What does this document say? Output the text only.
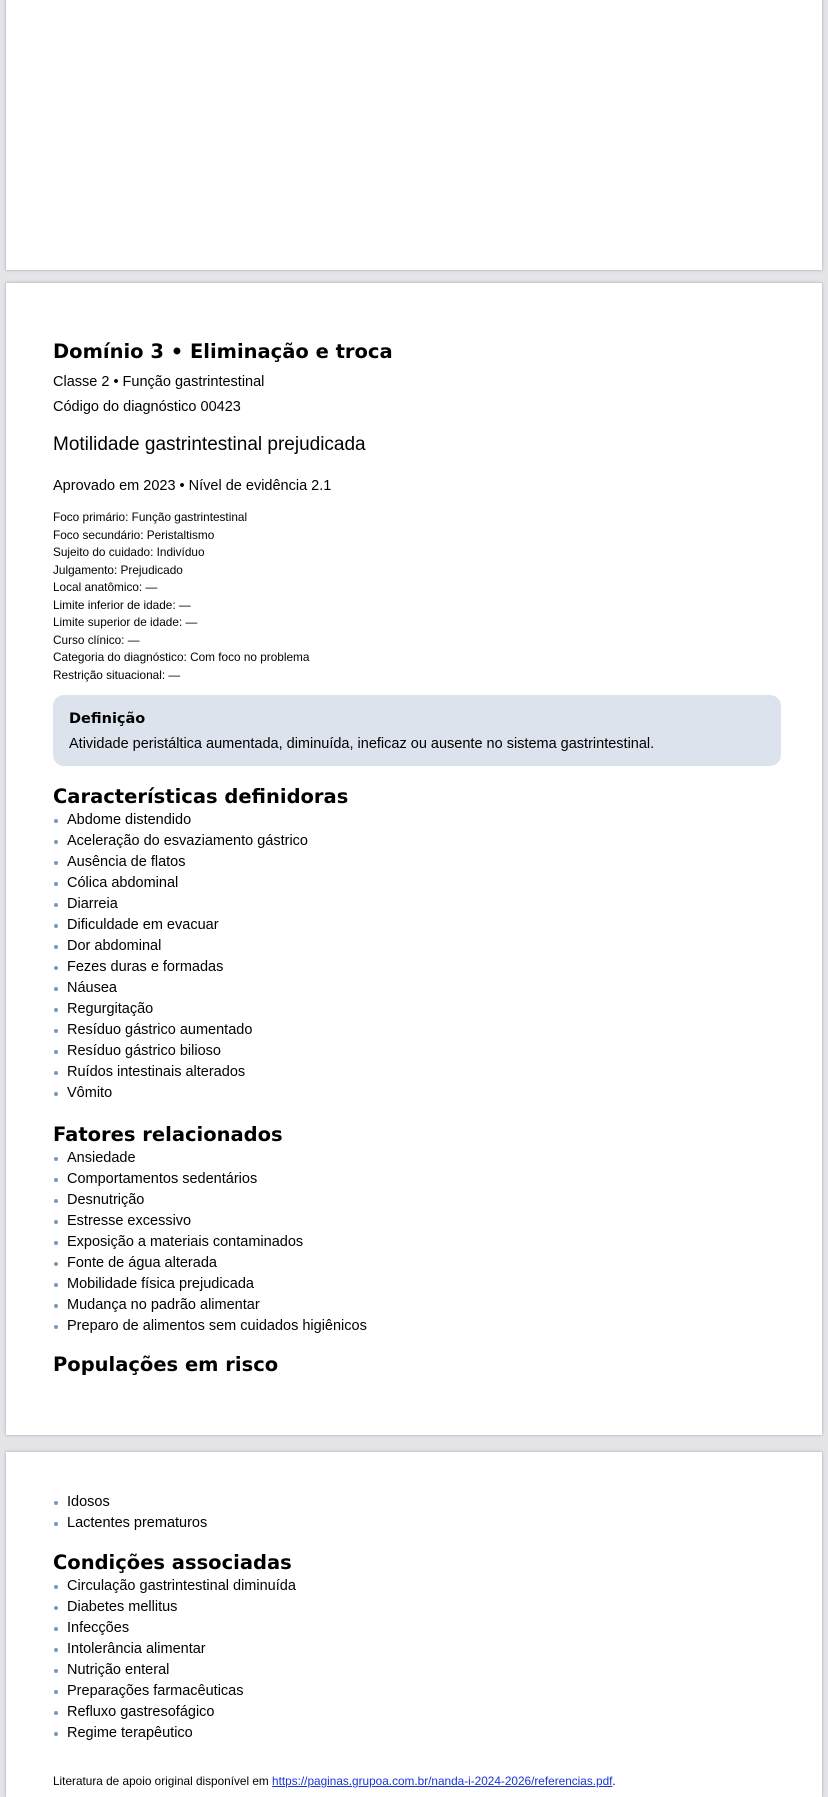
Domínio 3 • Eliminação e troca
Classe 2 • Função gastrintestinal
Código do diagnóstico 00423
Motilidade gastrintestinal prejudicada
Aprovado em 2023 • Nível de evidência 2.1
Foco primário: Função gastrintestinal
Foco secundário: Peristaltismo
Sujeito do cuidado: Indivíduo
Julgamento: Prejudicado
Local anatômico: —
Limite inferior de idade: —
Limite superior de idade: —
Curso clínico: —
Categoria do diagnóstico: Com foco no problema
Restrição situacional: —
Definição
Atividade peristáltica aumentada, diminuída, ineficaz ou ausente no sistema gastrintestinal.
Características definidoras
Abdome distendido
Aceleração do esvaziamento gástrico
Ausência de flatos
Cólica abdominal
Diarreia
Dificuldade em evacuar
Dor abdominal
Fezes duras e formadas
Náusea
Regurgitação
Resíduo gástrico aumentado
Resíduo gástrico bilioso
Ruídos intestinais alterados
Vômito
Fatores relacionados
Ansiedade
Comportamentos sedentários
Desnutrição
Estresse excessivo
Exposição a materiais contaminados
Fonte de água alterada
Mobilidade física prejudicada
Mudança no padrão alimentar
Preparo de alimentos sem cuidados higiênicos
Populações em risco
Idosos
Lactentes prematuros
Condições associadas
Circulação gastrintestinal diminuída
Diabetes mellitus
Infecções
Intolerância alimentar
Nutrição enteral
Preparações farmacêuticas
Refluxo gastresofágico
Regime terapêutico
Literatura de apoio original disponível em https://paginas.grupoa.com.br/nanda-i-2024-2026/referencias.pdf.
